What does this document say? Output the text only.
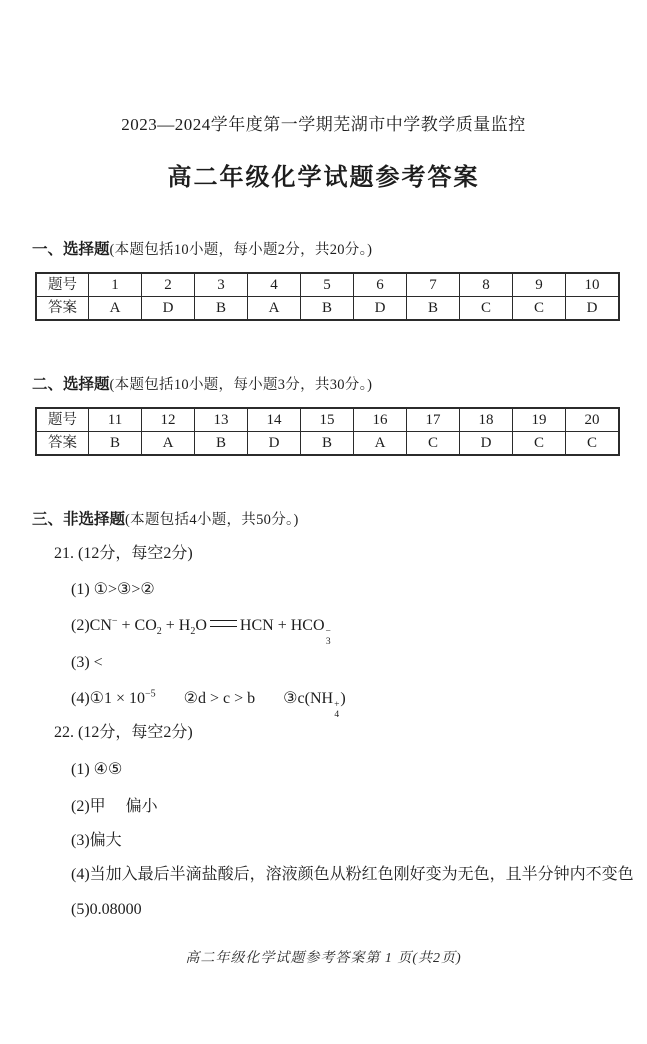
2023—2024学年度第一学期芜湖市中学教学质量监控
高二年级化学试题参考答案
一、选择题(本题包括10小题，每小题2分，共20分。)
题号	1	2	3	4	5	6	7	8	9	10
答案	A	D	B	A	B	D	B	C	C	D
二、选择题(本题包括10小题，每小题3分，共30分。)
题号	11	12	13	14	15	16	17	18	19	20
答案	B	A	B	D	B	A	C	D	C	C
三、非选择题(本题包括4小题，共50分。)
21. (12分，每空2分)
(1) ①>③>②
$(2)CN^- + CO_2 + H_2O$ HCN + HCO −
3
(3) <
(4)①1 × $10^{-5}$ ②d > c > b ③c(NH +
4
)
22. (12分，每空2分)
(1) ④⑤
(2)甲 偏小
(3)偏大
(4)当加入最后半滴盐酸后，溶液颜色从粉红色刚好变为无色，且半分钟内不变色
(5)0.08000
高二年级化学试题参考答案第 1 页(共2页)
